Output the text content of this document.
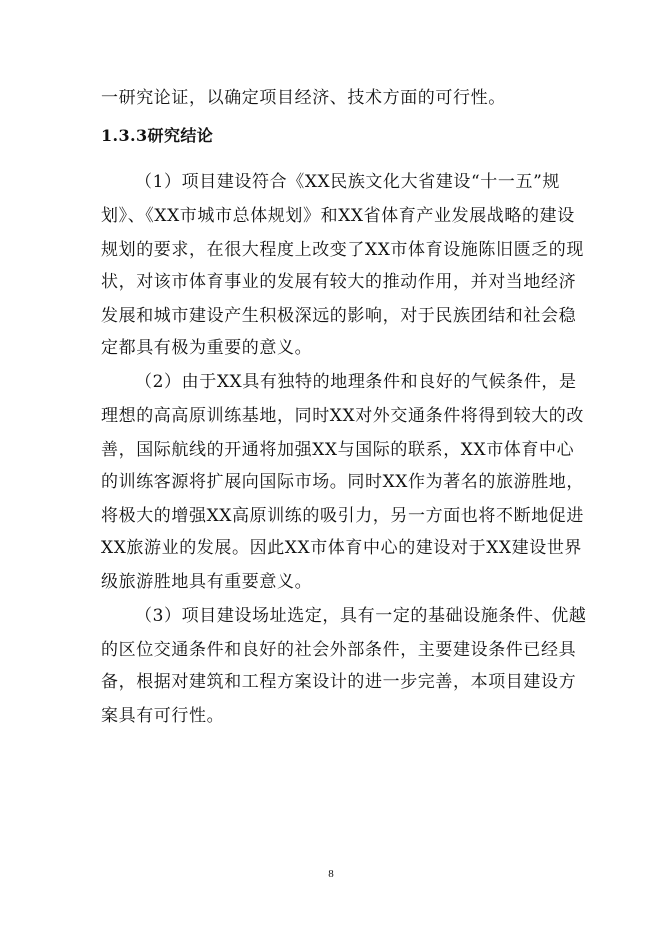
一研究论证，以确定项目经济、技术方面的可行性。
1.3.3研究结论
（1）项目建设符合《XX民族文化大省建设“十一五”规
划》、《XX市城市总体规划》和XX省体育产业发展战略的建设
规划的要求，在很大程度上改变了XX市体育设施陈旧匮乏的现
状，对该市体育事业的发展有较大的推动作用，并对当地经济
发展和城市建设产生积极深远的影响，对于民族团结和社会稳
定都具有极为重要的意义。
（2）由于XX具有独特的地理条件和良好的气候条件，是
理想的高高原训练基地，同时XX对外交通条件将得到较大的改
善，国际航线的开通将加强XX与国际的联系，XX市体育中心
的训练客源将扩展向国际市场。同时XX作为著名的旅游胜地，
将极大的增强XX高原训练的吸引力，另一方面也将不断地促进
XX旅游业的发展。因此XX市体育中心的建设对于XX建设世界
级旅游胜地具有重要意义。
（3）项目建设场址选定，具有一定的基础设施条件、优越
的区位交通条件和良好的社会外部条件，主要建设条件已经具
备，根据对建筑和工程方案设计的进一步完善，本项目建设方
案具有可行性。
8
